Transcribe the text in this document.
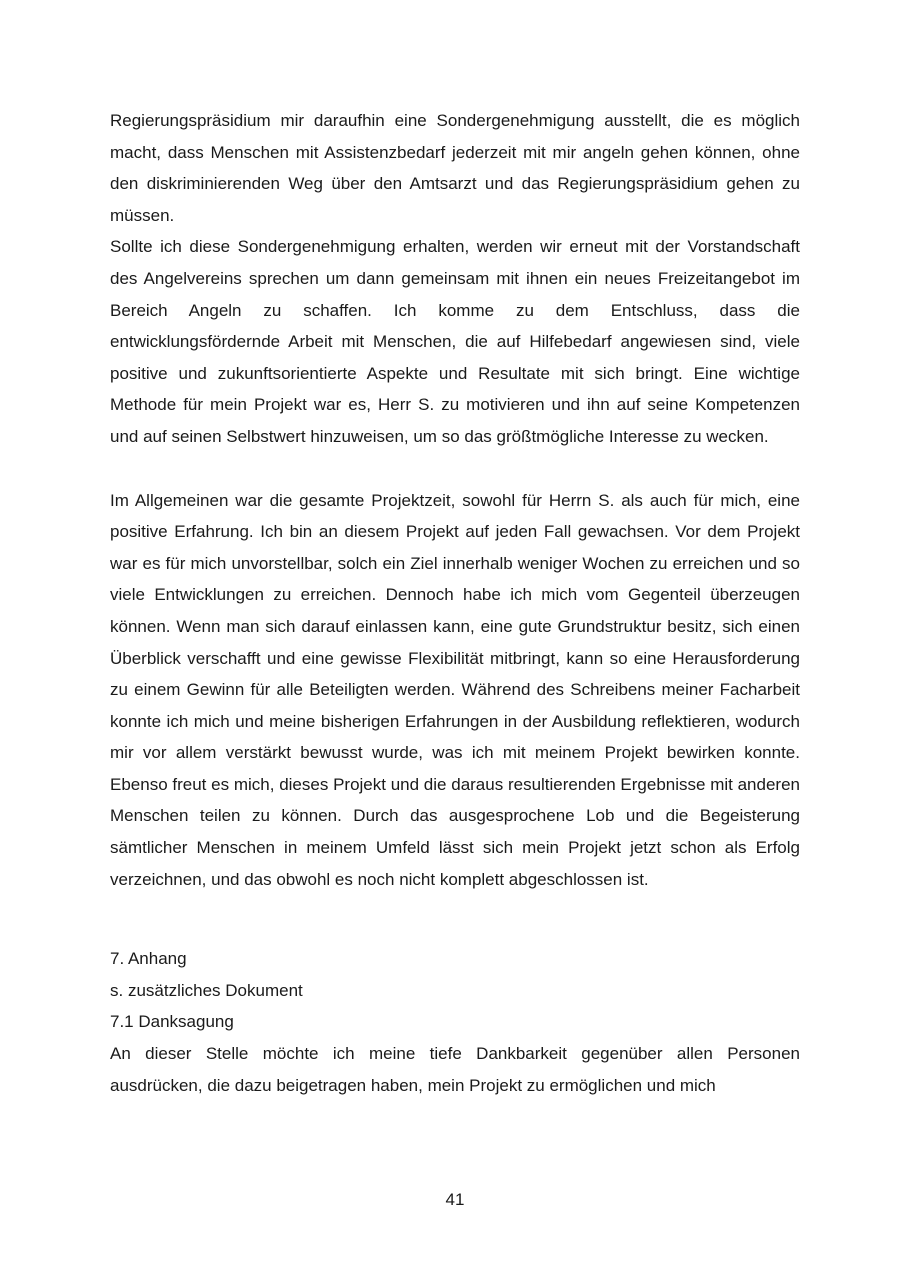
Regierungspräsidium mir daraufhin eine Sondergenehmigung ausstellt, die es möglich macht, dass Menschen mit Assistenzbedarf jederzeit mit mir angeln gehen können, ohne den diskriminierenden Weg über den Amtsarzt und das Regierungspräsidium gehen zu müssen.

Sollte ich diese Sondergenehmigung erhalten, werden wir erneut mit der Vorstandschaft des Angelvereins sprechen um dann gemeinsam mit ihnen ein neues Freizeitangebot im Bereich Angeln zu schaffen. Ich komme zu dem Entschluss, dass die entwicklungsfördernde Arbeit mit Menschen, die auf Hilfebedarf angewiesen sind, viele positive und zukunftsorientierte Aspekte und Resultate mit sich bringt. Eine wichtige Methode für mein Projekt war es, Herr S. zu motivieren und ihn auf seine Kompetenzen und auf seinen Selbstwert hinzuweisen, um so das größtmögliche Interesse zu wecken.

Im Allgemeinen war die gesamte Projektzeit, sowohl für Herrn S. als auch für mich, eine positive Erfahrung. Ich bin an diesem Projekt auf jeden Fall gewachsen. Vor dem Projekt war es für mich unvorstellbar, solch ein Ziel innerhalb weniger Wochen zu erreichen und so viele Entwicklungen zu erreichen. Dennoch habe ich mich vom Gegenteil überzeugen können. Wenn man sich darauf einlassen kann, eine gute Grundstruktur besitz, sich einen Überblick verschafft und eine gewisse Flexibilität mitbringt, kann so eine Herausforderung zu einem Gewinn für alle Beteiligten werden. Während des Schreibens meiner Facharbeit konnte ich mich und meine bisherigen Erfahrungen in der Ausbildung reflektieren, wodurch mir vor allem verstärkt bewusst wurde, was ich mit meinem Projekt bewirken konnte. Ebenso freut es mich, dieses Projekt und die daraus resultierenden Ergebnisse mit anderen Menschen teilen zu können. Durch das ausgesprochene Lob und die Begeisterung sämtlicher Menschen in meinem Umfeld lässt sich mein Projekt jetzt schon als Erfolg verzeichnen, und das obwohl es noch nicht komplett abgeschlossen ist.

7. Anhang

s. zusätzliches Dokument

7.1 Danksagung

An dieser Stelle möchte ich meine tiefe Dankbarkeit gegenüber allen Personen ausdrücken, die dazu beigetragen haben, mein Projekt zu ermöglichen und mich

41
